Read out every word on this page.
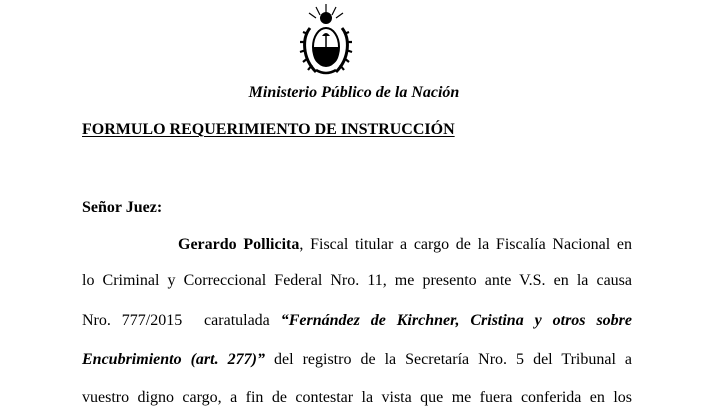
Ministerio Público de la Nación
FORMULO REQUERIMIENTO DE INSTRUCCIÓN
Señor Juez:
Gerardo Pollicita, Fiscal titular a cargo de la Fiscalía Nacional en
lo Criminal y Correccional Federal Nro. 11, me presento ante V.S. en la causa
Nro. 777/2015  caratulada “Fernández de Kirchner, Cristina y otros sobre
Encubrimiento (art. 277)” del registro de la Secretaría Nro. 5 del Tribunal a
vuestro digno cargo, a fin de contestar la vista que me fuera conferida en los
